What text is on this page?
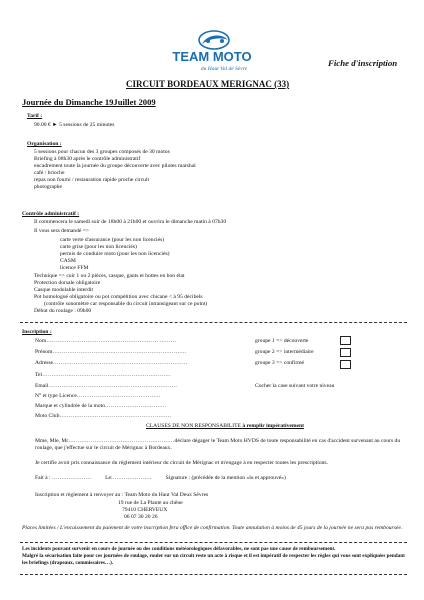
TEAM MOTO
du Haut Val de Sèvre
Fiche d'inscription
CIRCUIT BORDEAUX MERIGNAC (33)
Journée du Dimanche 19Juillet 2009
Tarif :
90.00 € ► 5 sessions de 25 minutes
Organisation :
5 sessions pour chacun des 3 groupes composés de 30 motos
Briefing à 08h30 après le contrôle administratif
encadrement toute la journée du groupe découverte avec pilotes marshal
café / brioche
repas non fourni / restauration rapide proche circuit
photographe
Contrôle administratif :
Il commencera le samedi soir de 18h00 à 21h00 et ouvrira le dimanche matin à 07h30
Il vous sera demandé =>
carte verte d'assurance (pour les non licenciés)
carte grise (pour les non licenciés)
permis de conduire moto (pour les non licenciés)
CASM
licence FFM
Technique => cuir 1 ou 2 pièces, casque, gants et bottes en bon état
Protection dorsale obligatoire
Casque modulable interdit
Pot homologué obligatoire ou pot compétition avec chicane < à 95 décibels
(contrôle sonomètre car responsable du circuit intransigeant sur ce point)
Début du roulage : 09h00
Inscription :
Nom…………………………………………………… ………
Prénom………………………………………………………………
Adresse………………………………………………………………
Tel……………………………………………………………
Email……………………………………………………………
N° et type Licence………………………………………
Marque et cylindrée de la moto……………………………
Moto Club……………………………………………………
groupe 1 => découverte
groupe 2 => intermédiaire
groupe 3 => confirmé
Cocher la case suivant votre niveau
CLAUSES DE NON RESPONSABILITE à remplir impérativement
Mme, Mle, Mr…………………………………………………déclare dégager le Team Moto HVDS de toute responsabilité en cas d'accident survenant au cours du roulage, que j'effectue sur le circuit de Mérignac à Bordeaux.
Je certifie avoir pris connaissance du règlement intérieur du circuit de Mérignac et m'engage à en respecter toutes les prescriptions.
Fait à : …………………          Le:…………………          Signature : (précédée de la mention «lu et approuvé»)
Inscription et règlement à renvoyer au : Team Moto du Haut Val Deux Sèvres
19 rue de La Plante au chêne
79410 CHERVEUX
06 07 30 20 26
Places limitées / L'encaissement du paiement de votre inscription fera office de confirmation. Toute annulation à moins de 45 jours de la journée ne sera pas remboursée.
Les incidents pouvant survenir en cours de journée ou des conditions météorologiques défavorables, ne sont pas une cause de remboursement.
Malgré la sécurisation faite pour ces journées de roulage, rouler sur un circuit reste un acte à risque et il est impératif de respecter les règles qui vous sont expliquées pendant les briefings (drapeaux, commissaires…).
